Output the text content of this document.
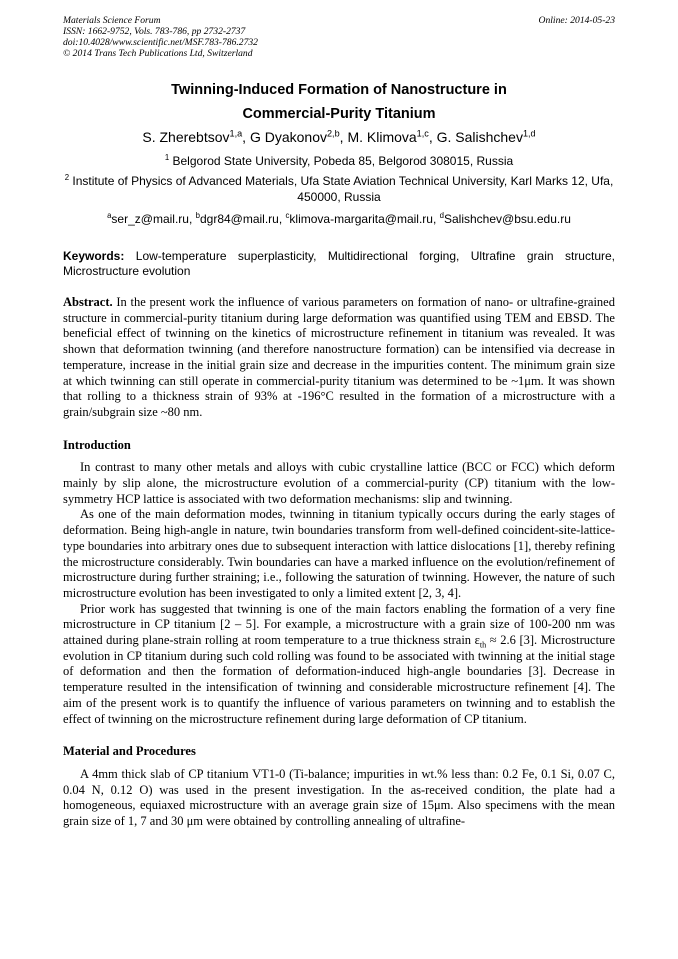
Materials Science Forum	Online: 2014-05-23
ISSN: 1662-9752, Vols. 783-786, pp 2732-2737
doi:10.4028/www.scientific.net/MSF.783-786.2732
© 2014 Trans Tech Publications Ltd, Switzerland
Twinning-Induced Formation of Nanostructure in
Commercial-Purity Titanium
S. Zherebtsov$^{1,a}$, G Dyakonov$^{2,b}$, M. Klimova$^{1,c}$, G. Salishchev$^{1,d}$

$^1$ Belgorod State University, Pobeda 85, Belgorod 308015, Russia

$^2$ Institute of Physics of Advanced Materials, Ufa State Aviation Technical University, Karl Marks 12, Ufa, 450000, Russia

$^a$ser_z@mail.ru, $^b$dgr84@mail.ru, $^c$klimova-margarita@mail.ru, $^d$Salishchev@bsu.edu.ru
Keywords: Low-temperature superplasticity, Multidirectional forging, Ultrafine grain structure, Microstructure evolution

Abstract. In the present work the influence of various parameters on formation of nano- or ultrafine-grained structure in commercial-purity titanium during large deformation was quantified using TEM and EBSD. The beneficial effect of twinning on the kinetics of microstructure refinement in titanium was revealed. It was shown that deformation twinning (and therefore nanostructure formation) can be intensified via decrease in temperature, increase in the initial grain size and decrease in the impurities content. The minimum grain size at which twinning can still operate in commercial-purity titanium was determined to be ~1μm. It was shown that rolling to a thickness strain of 93% at -196°C resulted in the formation of a microstructure with a grain/subgrain size ~80 nm.

Introduction

In contrast to many other metals and alloys with cubic crystalline lattice (BCC or FCC) which deform mainly by slip alone, the microstructure evolution of a commercial-purity (CP) titanium with the low-symmetry HCP lattice is associated with two deformation mechanisms: slip and twinning.

As one of the main deformation modes, twinning in titanium typically occurs during the early stages of deformation. Being high-angle in nature, twin boundaries transform from well-defined coincident-site-lattice-type boundaries into arbitrary ones due to subsequent interaction with lattice dislocations [1], thereby refining the microstructure considerably. Twin boundaries can have a marked influence on the evolution/refinement of microstructure during further straining; i.e., following the saturation of twinning. However, the nature of such microstructure evolution has been investigated to only a limited extent [2, 3, 4].

Prior work has suggested that twinning is one of the main factors enabling the formation of a very fine microstructure in CP titanium [2 – 5]. For example, a microstructure with a grain size of 100-200 nm was attained during plane-strain rolling at room temperature to a true thickness strain $\varepsilon_{th} \approx 2.6$ [3]. Microstructure evolution in CP titanium during such cold rolling was found to be associated with twinning at the initial stage of deformation and then the formation of deformation-induced high-angle boundaries [3]. Decrease in temperature resulted in the intensification of twinning and considerable microstructure refinement [4]. The aim of the present work is to quantify the influence of various parameters on twinning and to establish the effect of twinning on the microstructure refinement during large deformation of CP titanium.

Material and Procedures

A 4mm thick slab of CP titanium VT1-0 (Ti-balance; impurities in wt.% less than: 0.2 Fe, 0.1 Si, 0.07 C, 0.04 N, 0.12 O) was used in the present investigation. In the as-received condition, the plate had a homogeneous, equiaxed microstructure with an average grain size of 15μm. Also specimens with the mean grain size of 1, 7 and 30 μm were obtained by controlling annealing of ultrafine-
